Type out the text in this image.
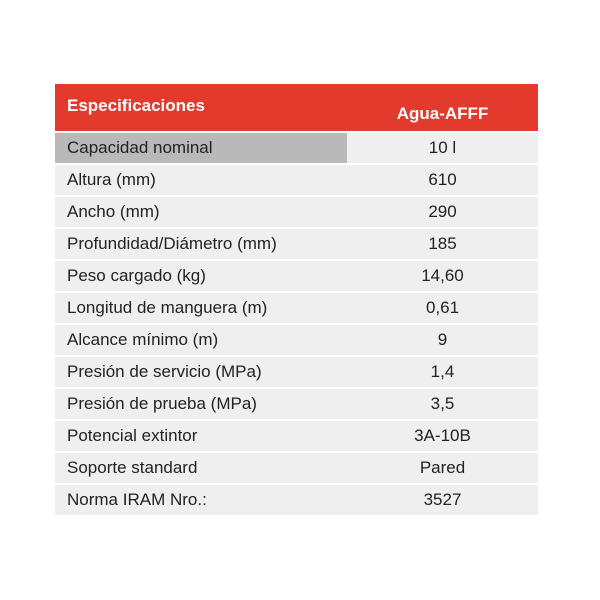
Especificaciones	Agua-AFFF
Capacidad nominal	10 l
Altura (mm)	610
Ancho (mm)	290
Profundidad/Diámetro (mm)	185
Peso cargado (kg)	14,60
Longitud de manguera (m)	0,61
Alcance mínimo (m)	9
Presión de servicio (MPa)	1,4
Presión de prueba (MPa)	3,5
Potencial extintor	3A-10B
Soporte standard	Pared
Norma IRAM Nro.:	3527
